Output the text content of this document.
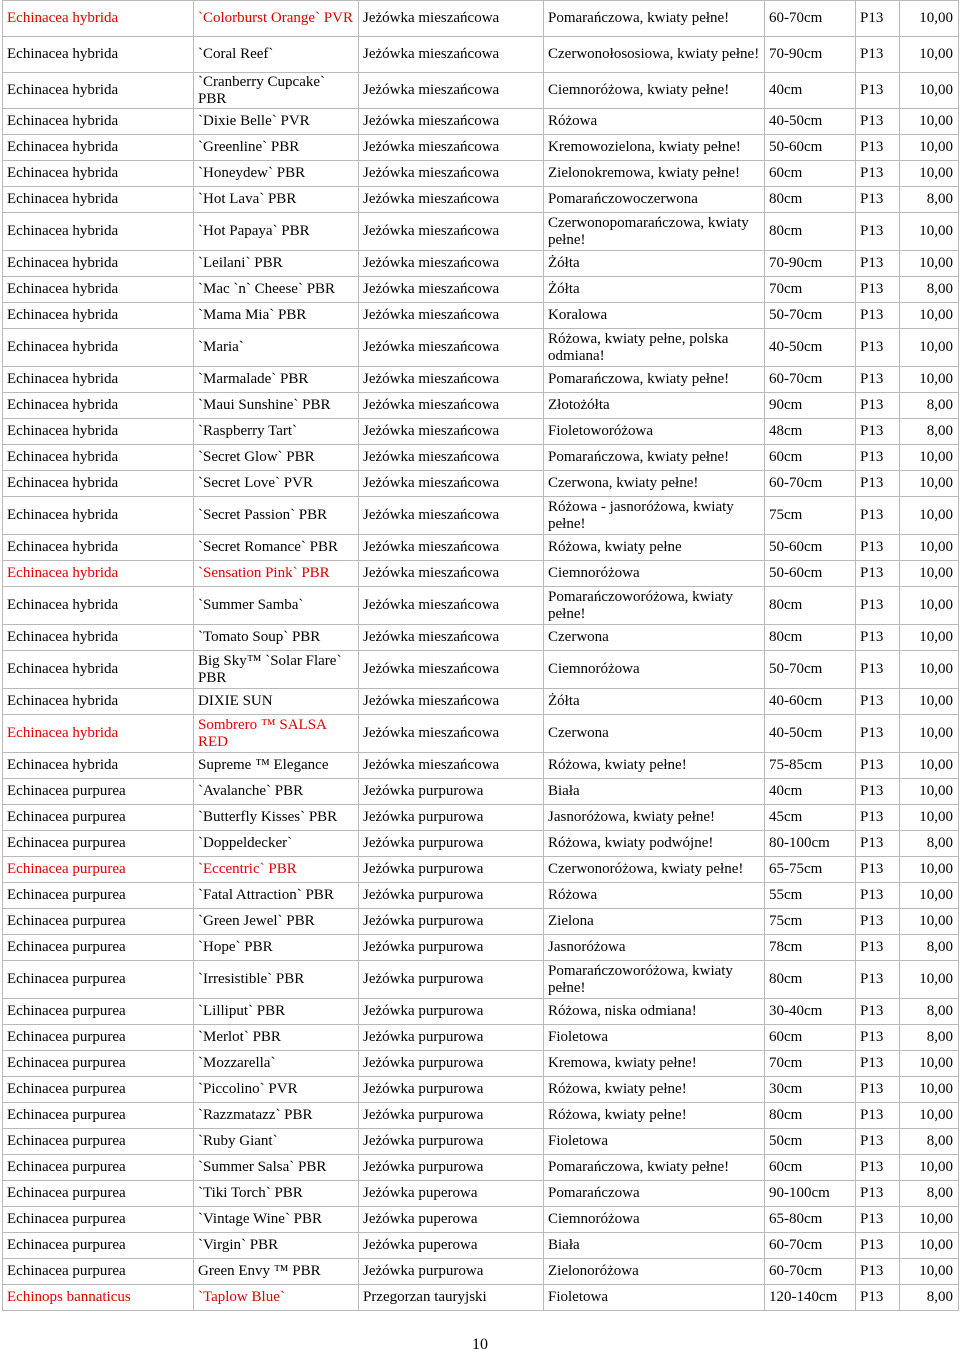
Echinacea hybrida	`Colorburst Orange` PVR	Jeżówka mieszańcowa	Pomarańczowa, kwiaty pełne!	60-70cm	P13	10,00
Echinacea hybrida	`Coral Reef`	Jeżówka mieszańcowa	Czerwonołososiowa, kwiaty pełne!	70-90cm	P13	10,00
Echinacea hybrida	`Cranberry Cupcake` PBR	Jeżówka mieszańcowa	Ciemnoróżowa, kwiaty pełne!	40cm	P13	10,00
Echinacea hybrida	`Dixie Belle` PVR	Jeżówka mieszańcowa	Różowa	40-50cm	P13	10,00
Echinacea hybrida	`Greenline` PBR	Jeżówka mieszańcowa	Kremowozielona, kwiaty pełne!	50-60cm	P13	10,00
Echinacea hybrida	`Honeydew` PBR	Jeżówka mieszańcowa	Zielonokremowa, kwiaty pełne!	60cm	P13	10,00
Echinacea hybrida	`Hot Lava` PBR	Jeżówka mieszańcowa	Pomarańczowoczerwona	80cm	P13	8,00
Echinacea hybrida	`Hot Papaya` PBR	Jeżówka mieszańcowa	Czerwonopomarańczowa, kwiaty pełne!	80cm	P13	10,00
Echinacea hybrida	`Leilani` PBR	Jeżówka mieszańcowa	Żółta	70-90cm	P13	10,00
Echinacea hybrida	`Mac `n` Cheese` PBR	Jeżówka mieszańcowa	Żółta	70cm	P13	8,00
Echinacea hybrida	`Mama Mia` PBR	Jeżówka mieszańcowa	Koralowa	50-70cm	P13	10,00
Echinacea hybrida	`Maria`	Jeżówka mieszańcowa	Różowa, kwiaty pełne, polska odmiana!	40-50cm	P13	10,00
Echinacea hybrida	`Marmalade` PBR	Jeżówka mieszańcowa	Pomarańczowa, kwiaty pełne!	60-70cm	P13	10,00
Echinacea hybrida	`Maui Sunshine` PBR	Jeżówka mieszańcowa	Złotożółta	90cm	P13	8,00
Echinacea hybrida	`Raspberry Tart`	Jeżówka mieszańcowa	Fioletoworóżowa	48cm	P13	8,00
Echinacea hybrida	`Secret Glow` PBR	Jeżówka mieszańcowa	Pomarańczowa, kwiaty pełne!	60cm	P13	10,00
Echinacea hybrida	`Secret Love` PVR	Jeżówka mieszańcowa	Czerwona, kwiaty pełne!	60-70cm	P13	10,00
Echinacea hybrida	`Secret Passion` PBR	Jeżówka mieszańcowa	Różowa - jasnoróżowa, kwiaty pełne!	75cm	P13	10,00
Echinacea hybrida	`Secret Romance` PBR	Jeżówka mieszańcowa	Różowa, kwiaty pełne	50-60cm	P13	10,00
Echinacea hybrida	`Sensation Pink` PBR	Jeżówka mieszańcowa	Ciemnoróżowa	50-60cm	P13	10,00
Echinacea hybrida	`Summer Samba`	Jeżówka mieszańcowa	Pomarańczoworóżowa, kwiaty pełne!	80cm	P13	10,00
Echinacea hybrida	`Tomato Soup` PBR	Jeżówka mieszańcowa	Czerwona	80cm	P13	10,00
Echinacea hybrida	Big Sky™ `Solar Flare` PBR	Jeżówka mieszańcowa	Ciemnoróżowa	50-70cm	P13	10,00
Echinacea hybrida	DIXIE SUN	Jeżówka mieszańcowa	Żółta	40-60cm	P13	10,00
Echinacea hybrida	Sombrero ™ SALSA RED	Jeżówka mieszańcowa	Czerwona	40-50cm	P13	10,00
Echinacea hybrida	Supreme ™ Elegance	Jeżówka mieszańcowa	Różowa, kwiaty pełne!	75-85cm	P13	10,00
Echinacea purpurea	`Avalanche` PBR	Jeżówka purpurowa	Biała	40cm	P13	10,00
Echinacea purpurea	`Butterfly Kisses` PBR	Jeżówka purpurowa	Jasnoróżowa, kwiaty pełne!	45cm	P13	10,00
Echinacea purpurea	`Doppeldecker`	Jeżówka purpurowa	Różowa, kwiaty podwójne!	80-100cm	P13	8,00
Echinacea purpurea	`Eccentric` PBR	Jeżówka purpurowa	Czerwonoróżowa, kwiaty pełne!	65-75cm	P13	10,00
Echinacea purpurea	`Fatal Attraction` PBR	Jeżówka purpurowa	Różowa	55cm	P13	10,00
Echinacea purpurea	`Green Jewel` PBR	Jeżówka purpurowa	Zielona	75cm	P13	10,00
Echinacea purpurea	`Hope` PBR	Jeżówka purpurowa	Jasnoróżowa	78cm	P13	8,00
Echinacea purpurea	`Irresistible` PBR	Jeżówka purpurowa	Pomarańczoworóżowa, kwiaty pełne!	80cm	P13	10,00
Echinacea purpurea	`Lilliput` PBR	Jeżówka purpurowa	Różowa, niska odmiana!	30-40cm	P13	8,00
Echinacea purpurea	`Merlot` PBR	Jeżówka purpurowa	Fioletowa	60cm	P13	8,00
Echinacea purpurea	`Mozzarella`	Jeżówka purpurowa	Kremowa, kwiaty pełne!	70cm	P13	10,00
Echinacea purpurea	`Piccolino` PVR	Jeżówka purpurowa	Różowa, kwiaty pełne!	30cm	P13	10,00
Echinacea purpurea	`Razzmatazz` PBR	Jeżówka purpurowa	Różowa, kwiaty pełne!	80cm	P13	10,00
Echinacea purpurea	`Ruby Giant`	Jeżówka purpurowa	Fioletowa	50cm	P13	8,00
Echinacea purpurea	`Summer Salsa` PBR	Jeżówka purpurowa	Pomarańczowa, kwiaty pełne!	60cm	P13	10,00
Echinacea purpurea	`Tiki Torch` PBR	Jeżówka puperowa	Pomarańczowa	90-100cm	P13	8,00
Echinacea purpurea	`Vintage Wine` PBR	Jeżówka puperowa	Ciemnoróżowa	65-80cm	P13	10,00
Echinacea purpurea	`Virgin` PBR	Jeżówka puperowa	Biała	60-70cm	P13	10,00
Echinacea purpurea	Green Envy ™ PBR	Jeżówka purpurowa	Zielonoróżowa	60-70cm	P13	10,00
Echinops bannaticus	`Taplow Blue`	Przegorzan tauryjski	Fioletowa	120-140cm	P13	8,00
10
